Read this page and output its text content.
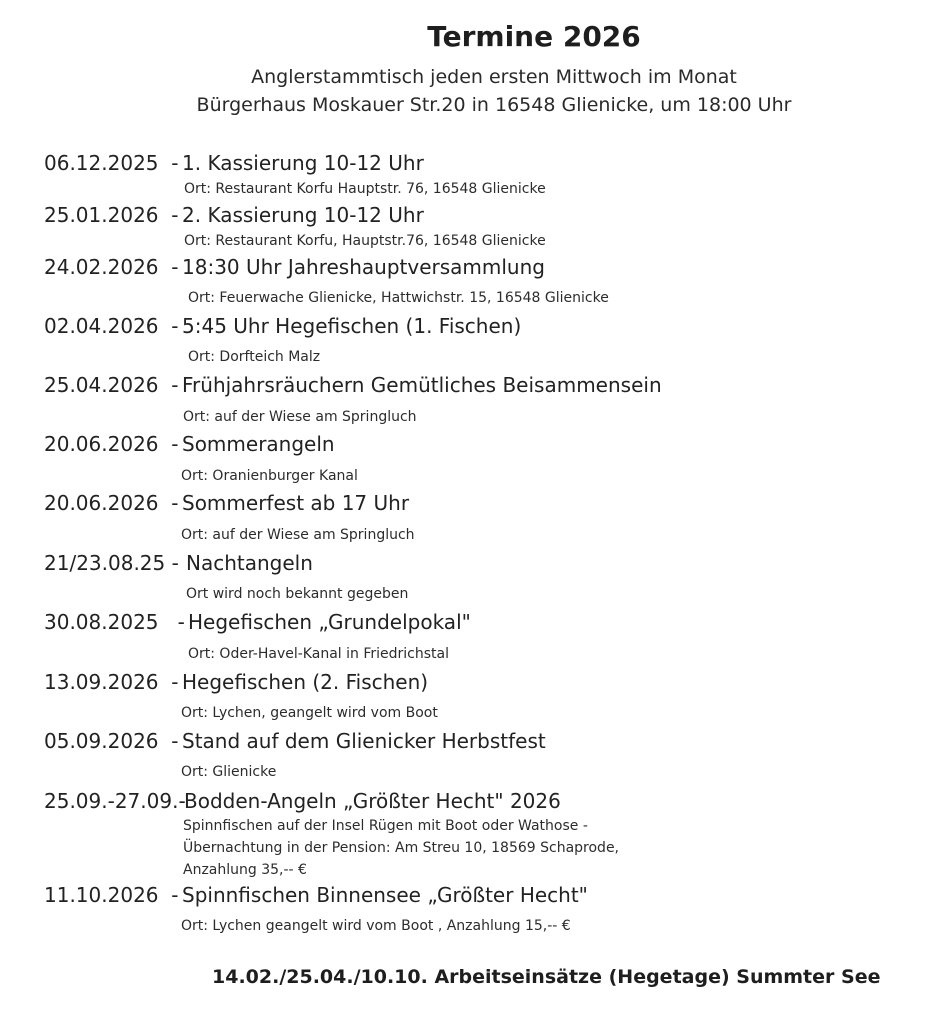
Termine 2026
Anglerstammtisch jeden ersten Mittwoch im Monat
Bürgerhaus Moskauer Str.20 in 16548 Glienicke, um 18:00 Uhr
06.12.2025  - 1. Kassierung 10-12 Uhr
Ort: Restaurant Korfu Hauptstr. 76, 16548 Glienicke
25.01.2026  - 2. Kassierung 10-12 Uhr
Ort: Restaurant Korfu, Hauptstr.76, 16548 Glienicke
24.02.2026  - 18:30 Uhr Jahreshauptversammlung
Ort: Feuerwache Glienicke, Hattwichstr. 15, 16548 Glienicke
02.04.2026  - 5:45 Uhr Hegefischen (1. Fischen)
Ort: Dorfteich Malz
25.04.2026  - Frühjahrsräuchern Gemütliches Beisammensein
Ort: auf der Wiese am Springluch
20.06.2026  - Sommerangeln
Ort: Oranienburger Kanal
20.06.2026  - Sommerfest ab 17 Uhr
Ort: auf der Wiese am Springluch
21/23.08.25 - Nachtangeln
Ort wird noch bekannt gegeben
30.08.2025   - Hegefischen „Grundelpokal"
Ort: Oder-Havel-Kanal in Friedrichstal
13.09.2026  - Hegefischen (2. Fischen)
Ort: Lychen, geangelt wird vom Boot
05.09.2026  - Stand auf dem Glienicker Herbstfest
Ort: Glienicke
25.09.-27.09.-
Bodden-Angeln „Größter Hecht" 2026
Spinnfischen auf der Insel Rügen mit Boot oder Wathose -
Übernachtung in der Pension: Am Streu 10, 18569 Schaprode,
Anzahlung 35,-- €
11.10.2026  - Spinnfischen Binnensee „Größter Hecht"
Ort: Lychen geangelt wird vom Boot , Anzahlung 15,-- €
14.02./25.04./10.10. Arbeitseinsätze (Hegetage) Summter See
